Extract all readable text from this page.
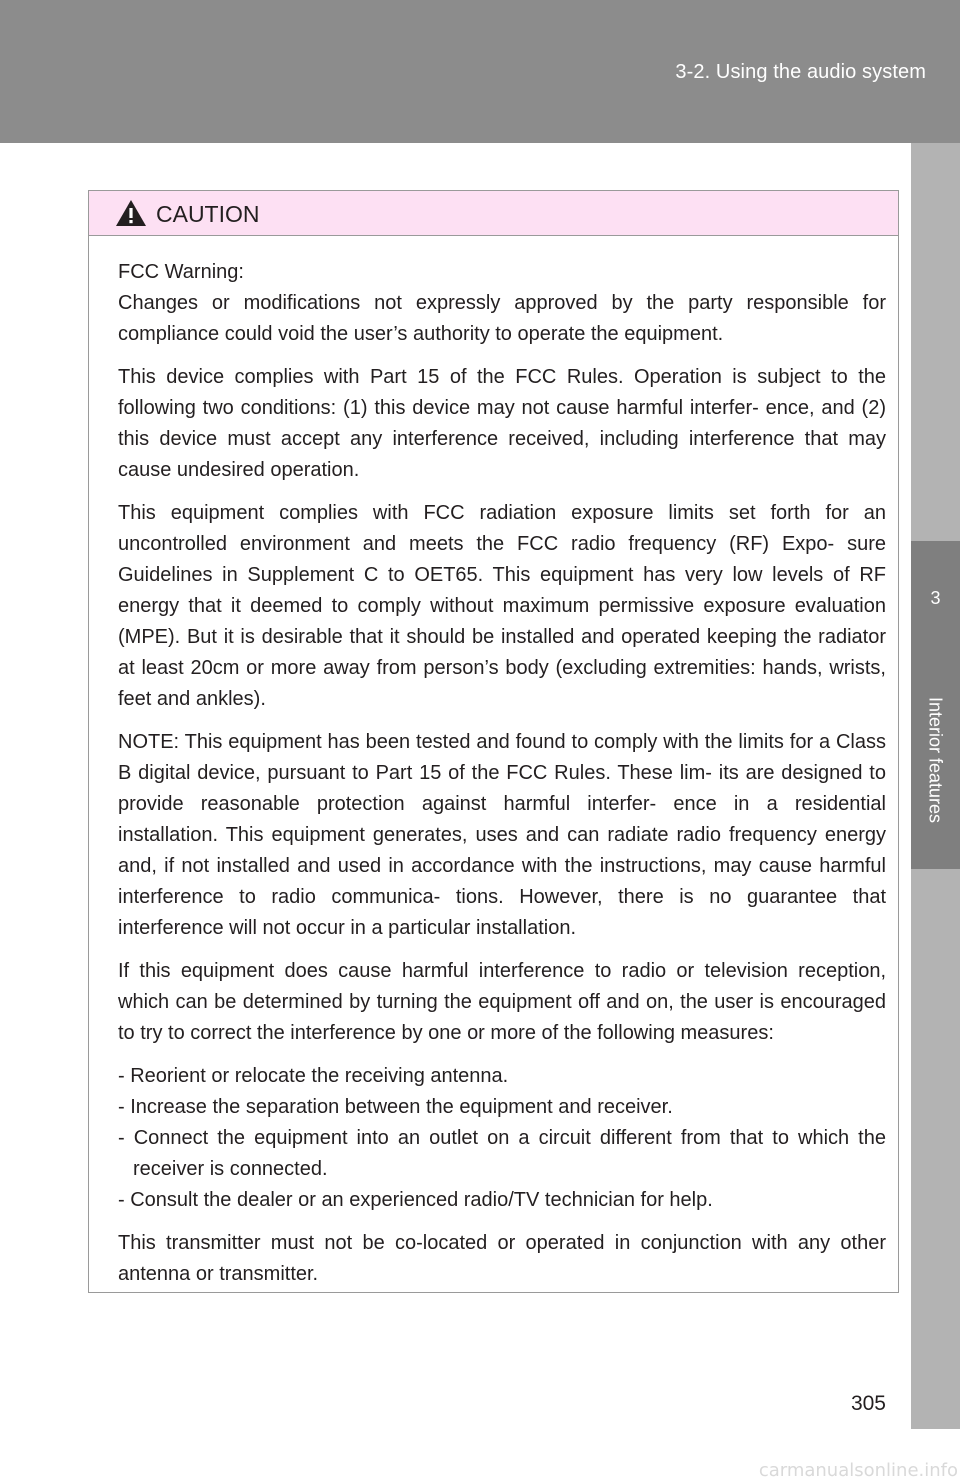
3-2. Using the audio system
3
Interior features
CAUTION

FCC Warning:
Changes or modifications not expressly approved by the party responsible for compliance could void the user’s authority to operate the equipment.

This device complies with Part 15 of the FCC Rules. Operation is subject to the following two conditions: (1) this device may not cause harmful interfer- ence, and (2) this device must accept any interference received, including interference that may cause undesired operation.

This equipment complies with FCC radiation exposure limits set forth for an uncontrolled environment and meets the FCC radio frequency (RF) Expo- sure Guidelines in Supplement C to OET65. This equipment has very low levels of RF energy that it deemed to comply without maximum permissive exposure evaluation (MPE). But it is desirable that it should be installed and operated keeping the radiator at least 20cm or more away from person’s body (excluding extremities: hands, wrists, feet and ankles).

NOTE: This equipment has been tested and found to comply with the limits for a Class B digital device, pursuant to Part 15 of the FCC Rules. These lim- its are designed to provide reasonable protection against harmful interfer- ence in a residential installation. This equipment generates, uses and can radiate radio frequency energy and, if not installed and used in accordance with the instructions, may cause harmful interference to radio communica- tions. However, there is no guarantee that interference will not occur in a particular installation.

If this equipment does cause harmful interference to radio or television reception, which can be determined by turning the equipment off and on, the user is encouraged to try to correct the interference by one or more of the following measures:

- Reorient or relocate the receiving antenna.
- Increase the separation between the equipment and receiver.
- Connect the equipment into an outlet on a circuit different from that to which the receiver is connected.
- Consult the dealer or an experienced radio/TV technician for help.

This transmitter must not be co-located or operated in conjunction with any other antenna or transmitter.

305
carmanualsonline.info
